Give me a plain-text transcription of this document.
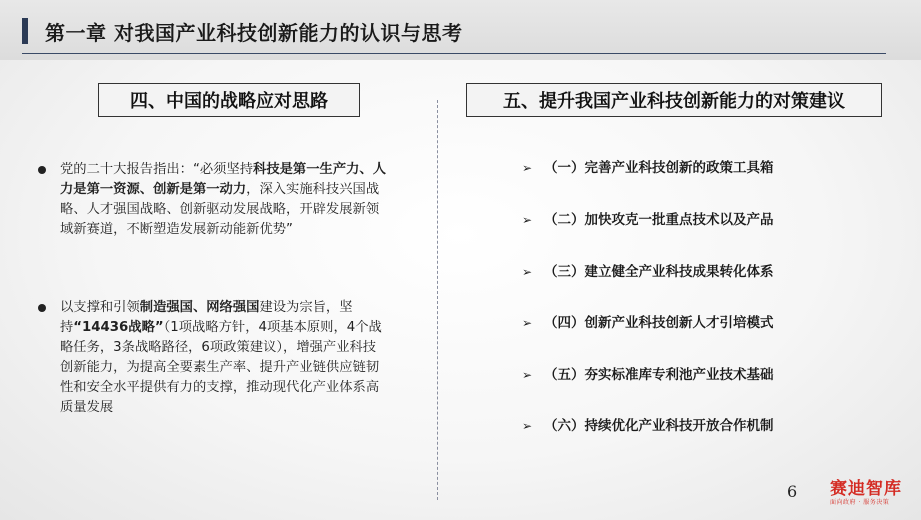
第一章 对我国产业科技创新能力的认识与思考
四、中国的战略应对思路	五、提升我国产业科技创新能力的对策建议
党的二十大报告指出：“必须坚持科技是第一生产力、人力是第一资源、创新是第一动力，深入实施科技兴国战略、人才强国战略、创新驱动发展战略，开辟发展新领域新赛道，不断塑造发展新动能新优势”
以支撑和引领制造强国、网络强国建设为宗旨，坚持“14436战略”（1项战略方针，4项基本原则，4个战略任务，3条战略路径，6项政策建议），增强产业科技创新能力，为提高全要素生产率、提升产业链供应链韧性和安全水平提供有力的支撑，推动现代化产业体系高质量发展
➢ （一）完善产业科技创新的政策工具箱
➢ （二）加快攻克一批重点技术以及产品
➢ （三）建立健全产业科技成果转化体系
➢ （四）创新产业科技创新人才引培模式
➢ （五）夯实标准库专利池产业技术基础
➢ （六）持续优化产业科技开放合作机制
6 赛迪智库
面向政府 · 服务决策
